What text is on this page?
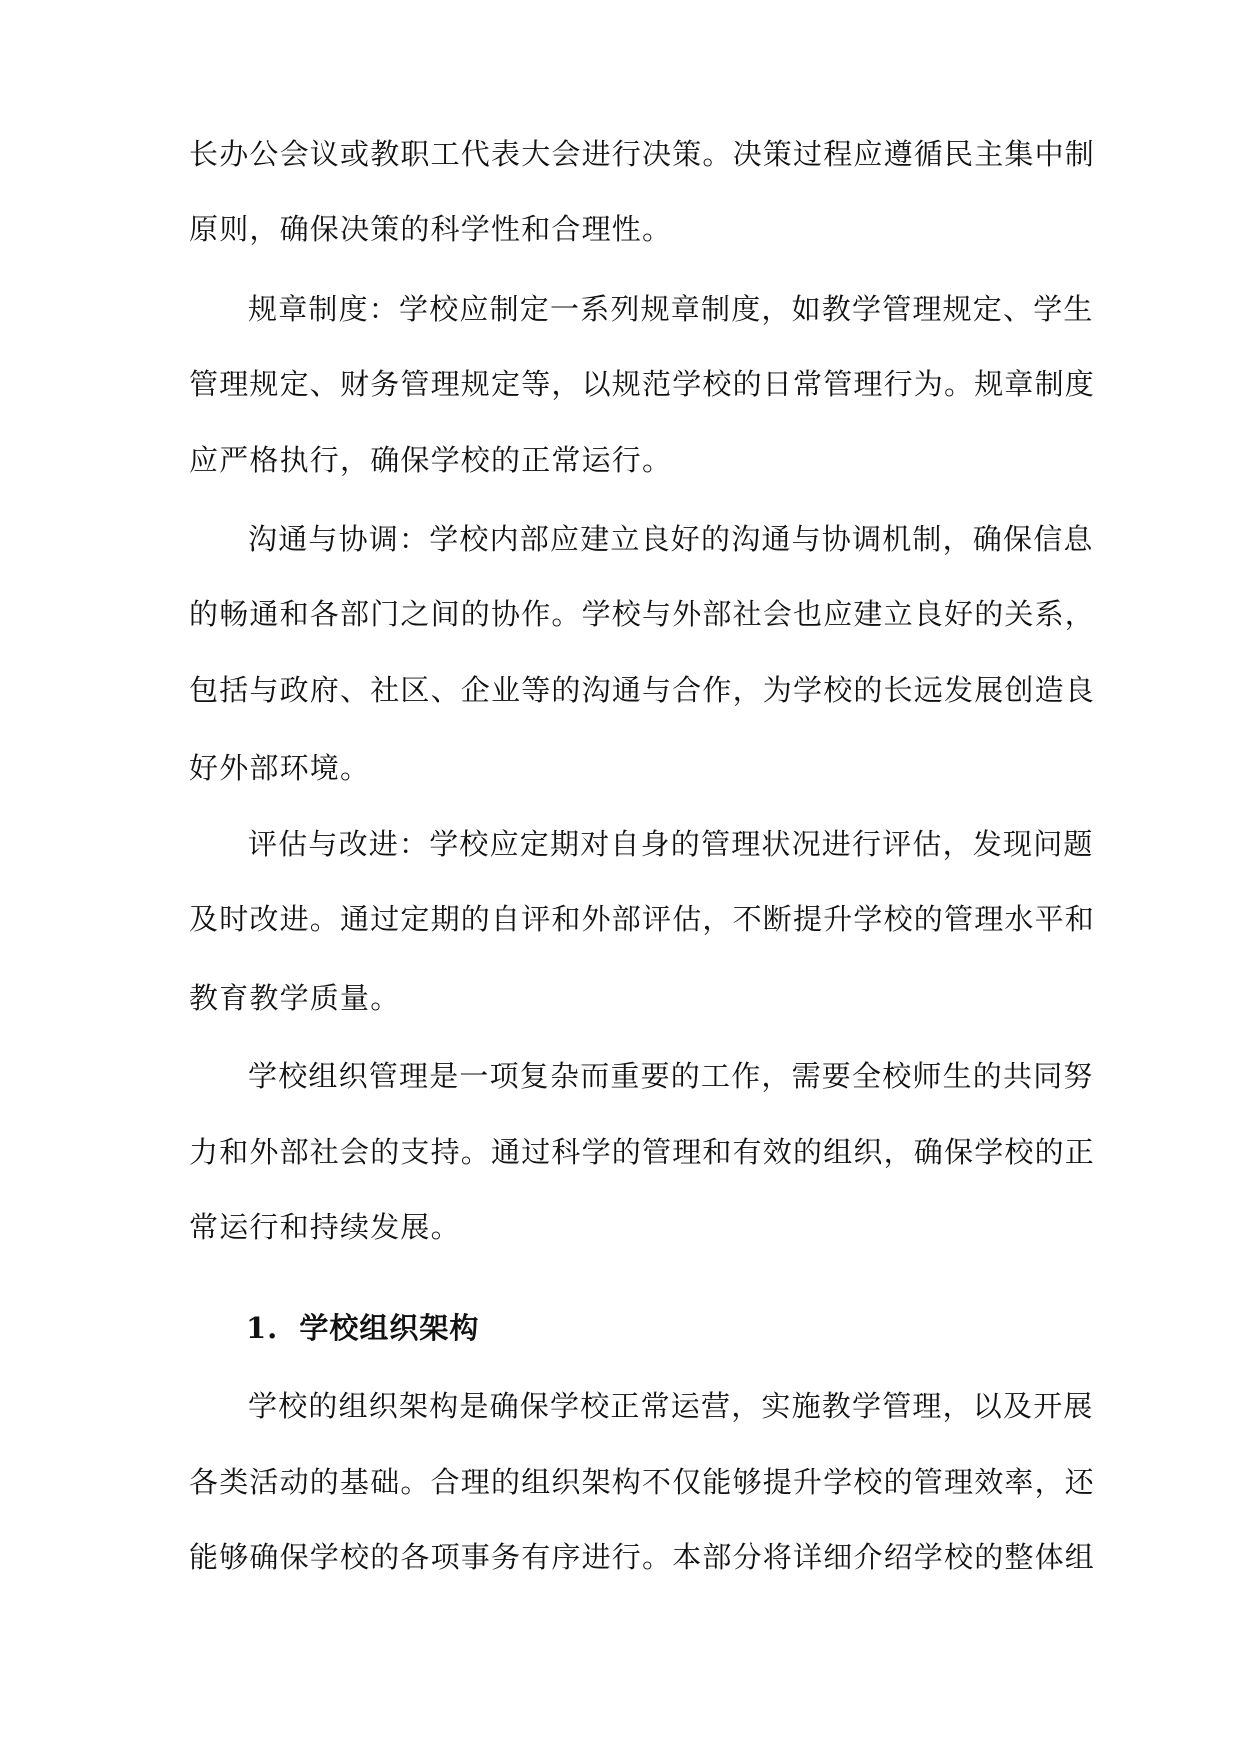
长办公会议或教职工代表大会进行决策。决策过程应遵循民主集中制
原则，确保决策的科学性和合理性。
规章制度：学校应制定一系列规章制度，如教学管理规定、学生
管理规定、财务管理规定等，以规范学校的日常管理行为。规章制度
应严格执行，确保学校的正常运行。
沟通与协调：学校内部应建立良好的沟通与协调机制，确保信息
的畅通和各部门之间的协作。学校与外部社会也应建立良好的关系，
包括与政府、社区、企业等的沟通与合作，为学校的长远发展创造良
好外部环境。
评估与改进：学校应定期对自身的管理状况进行评估，发现问题
及时改进。通过定期的自评和外部评估，不断提升学校的管理水平和
教育教学质量。
学校组织管理是一项复杂而重要的工作，需要全校师生的共同努
力和外部社会的支持。通过科学的管理和有效的组织，确保学校的正
常运行和持续发展。
1. 学校组织架构
学校的组织架构是确保学校正常运营，实施教学管理，以及开展
各类活动的基础。合理的组织架构不仅能够提升学校的管理效率，还
能够确保学校的各项事务有序进行。本部分将详细介绍学校的整体组
